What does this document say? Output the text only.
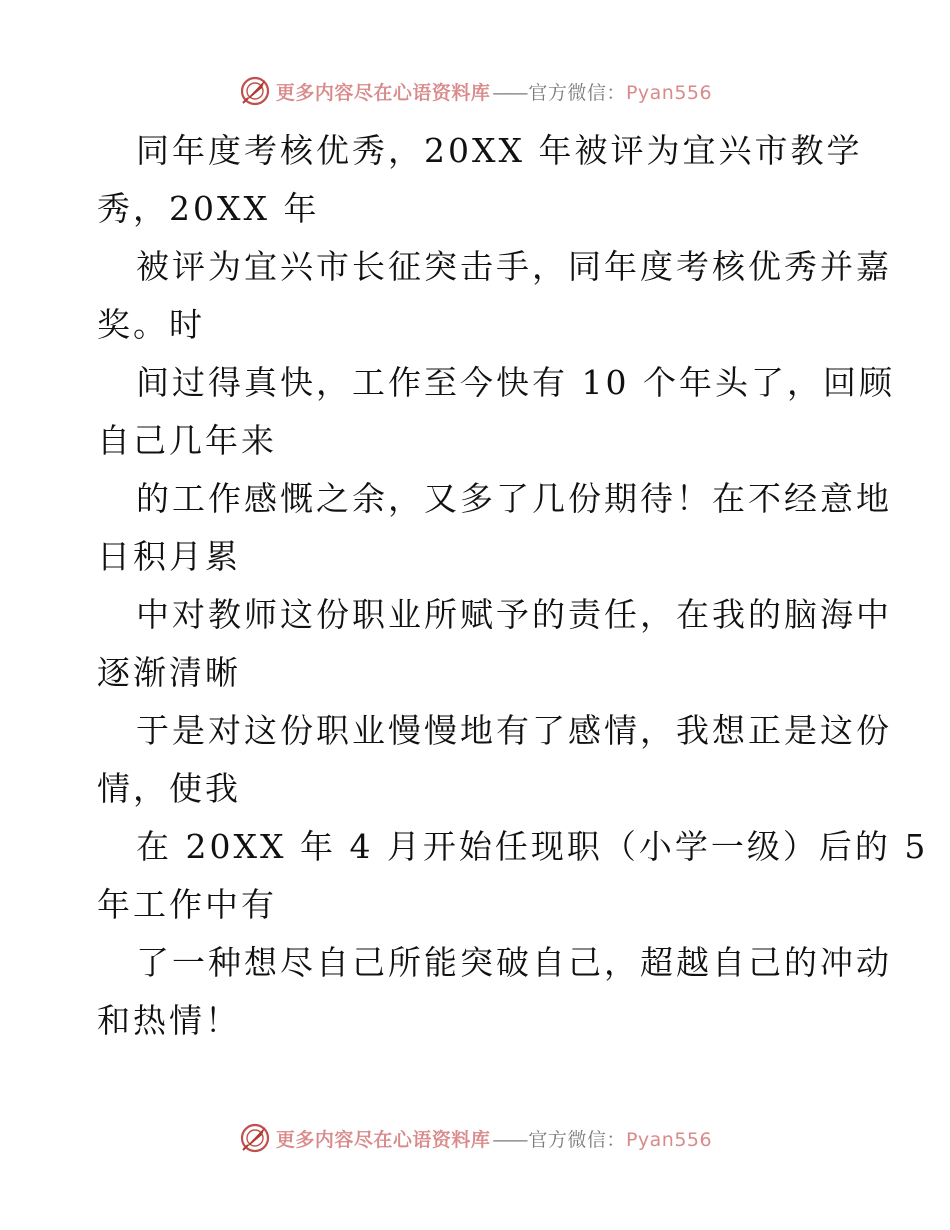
更多内容尽在心语资料库 —— 官方微信：Pyan556
同年度考核优秀，20XX 年被评为宜兴市教学
秀，20XX 年
被评为宜兴市长征突击手，同年度考核优秀并嘉
奖。时
间过得真快，工作至今快有 10 个年头了，回顾
自己几年来
的工作感慨之余，又多了几份期待！在不经意地
日积月累
中对教师这份职业所赋予的责任，在我的脑海中
逐渐清晰
于是对这份职业慢慢地有了感情，我想正是这份
情，使我
在 20XX 年 4 月开始任现职（小学一级）后的 5
年工作中有
了一种想尽自己所能突破自己，超越自己的冲动
和热情！
更多内容尽在心语资料库 —— 官方微信：Pyan556
